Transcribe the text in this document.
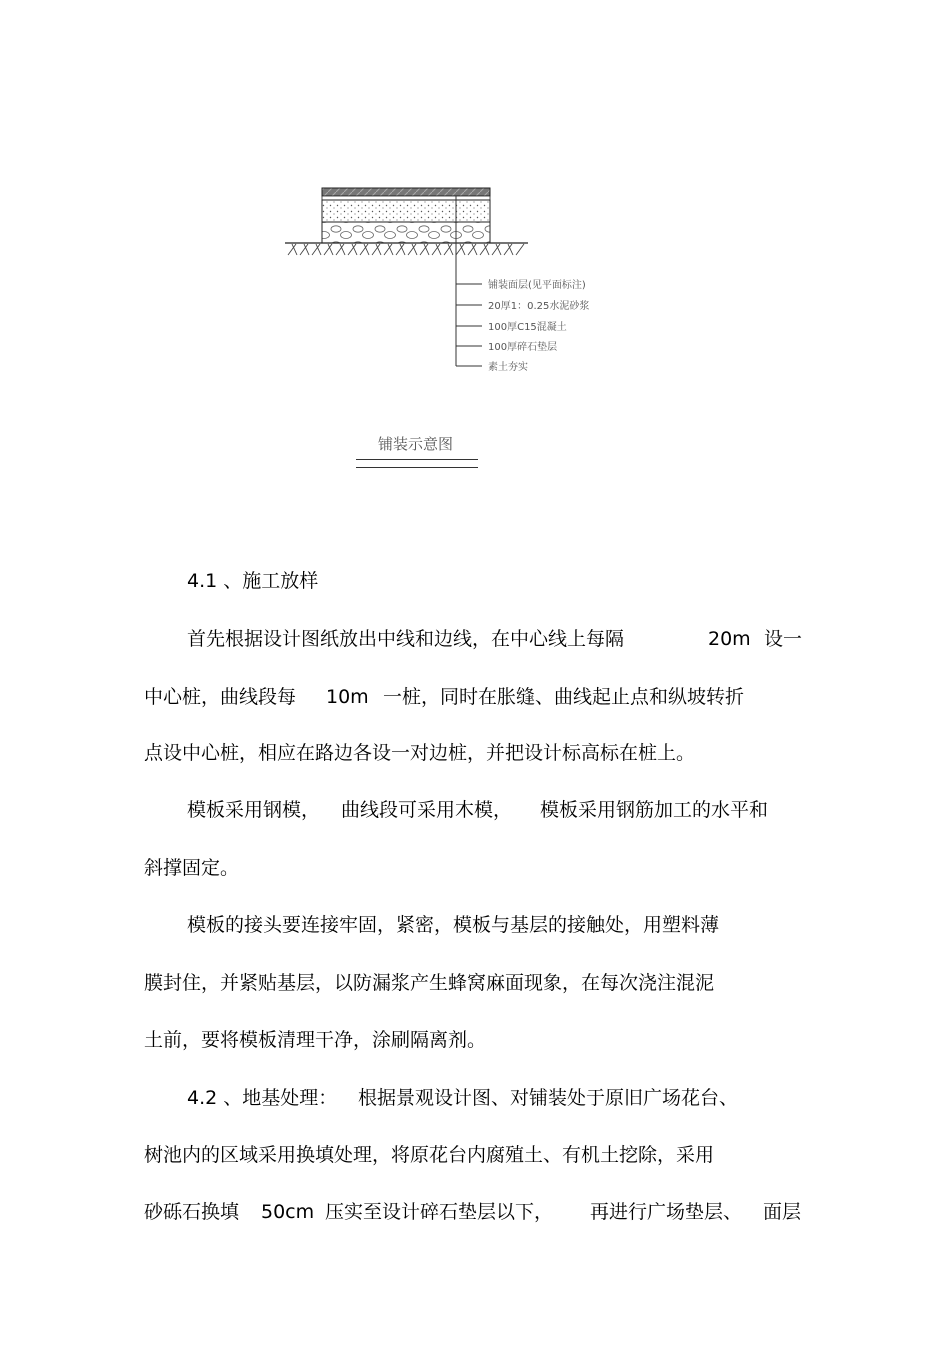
铺装面层(见平面标注)
20厚1：0.25水泥砂浆
100厚C15混凝土
100厚碎石垫层
素土夯实
铺装示意图

4.1 、施工放样

首先根据设计图纸放出中线和边线，在中心线上每隔	20m 设一

中心桩，曲线段每 10m 一桩，同时在胀缝、曲线起止点和纵坡转折

点设中心桩，相应在路边各设一对边桩，并把设计标高标在桩上。

模板采用钢模， 曲线段可采用木模， 模板采用钢筋加工的水平和

斜撑固定。

模板的接头要连接牢固，紧密，模板与基层的接触处，用塑料薄

膜封住，并紧贴基层，以防漏浆产生蜂窝麻面现象，在每次浇注混泥

土前，要将模板清理干净，涂刷隔离剂。

4.2 、地基处理： 根据景观设计图、对铺装处于原旧广场花台、

树池内的区域采用换填处理，将原花台内腐殖土、有机土挖除，采用

砂砾石换填 50cm 压实至设计碎石垫层以下， 再进行广场垫层、 面层
